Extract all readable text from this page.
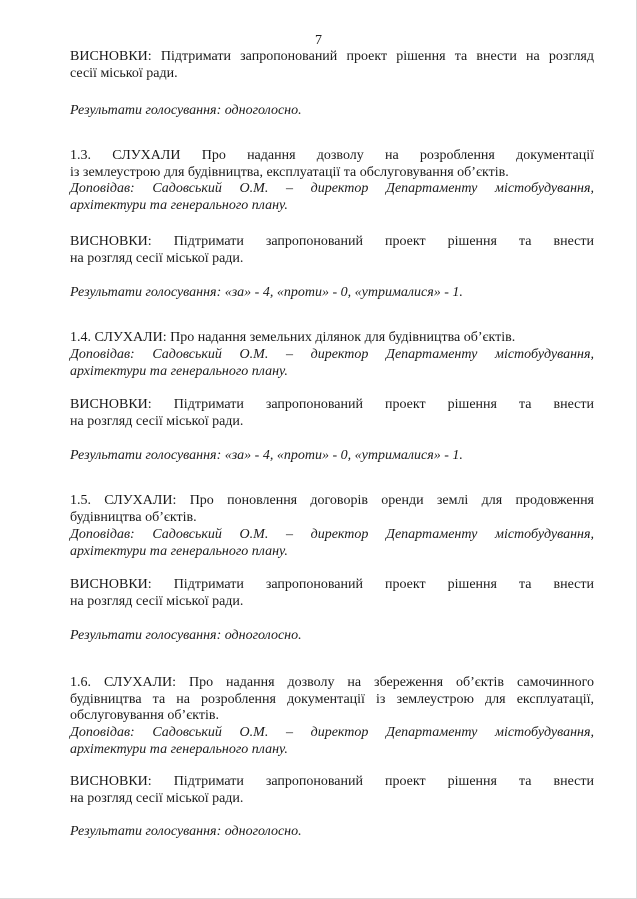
7
ВИСНОВКИ: Підтримати запропонований проект рішення та внести на розгляд
сесії міської ради.
Результати голосування: одноголосно.
1.3. СЛУХАЛИ Про надання дозволу на розроблення документації
із землеустрою для будівництва, експлуатації та обслуговування об’єктів.
Доповідав: Садовський О.М. – директор Департаменту містобудування,
архітектури та генерального плану.
ВИСНОВКИ: Підтримати запропонований проект рішення та внести
на розгляд сесії міської ради.
Результати голосування: «за» - 4, «проти» - 0, «утрималися» - 1.
1.4. СЛУХАЛИ: Про надання земельних ділянок для будівництва об’єктів.
Доповідав: Садовський О.М. – директор Департаменту містобудування,
архітектури та генерального плану.
ВИСНОВКИ: Підтримати запропонований проект рішення та внести
на розгляд сесії міської ради.
Результати голосування: «за» - 4, «проти» - 0, «утрималися» - 1.
1.5. СЛУХАЛИ: Про поновлення договорів оренди землі для продовження
будівництва об’єктів.
Доповідав: Садовський О.М. – директор Департаменту містобудування,
архітектури та генерального плану.
ВИСНОВКИ: Підтримати запропонований проект рішення та внести
на розгляд сесії міської ради.
Результати голосування: одноголосно.
1.6. СЛУХАЛИ: Про надання дозволу на збереження об’єктів самочинного
будівництва та на розроблення документації із землеустрою для експлуатації,
обслуговування об’єктів.
Доповідав: Садовський О.М. – директор Департаменту містобудування,
архітектури та генерального плану.
ВИСНОВКИ: Підтримати запропонований проект рішення та внести
на розгляд сесії міської ради.
Результати голосування: одноголосно.
